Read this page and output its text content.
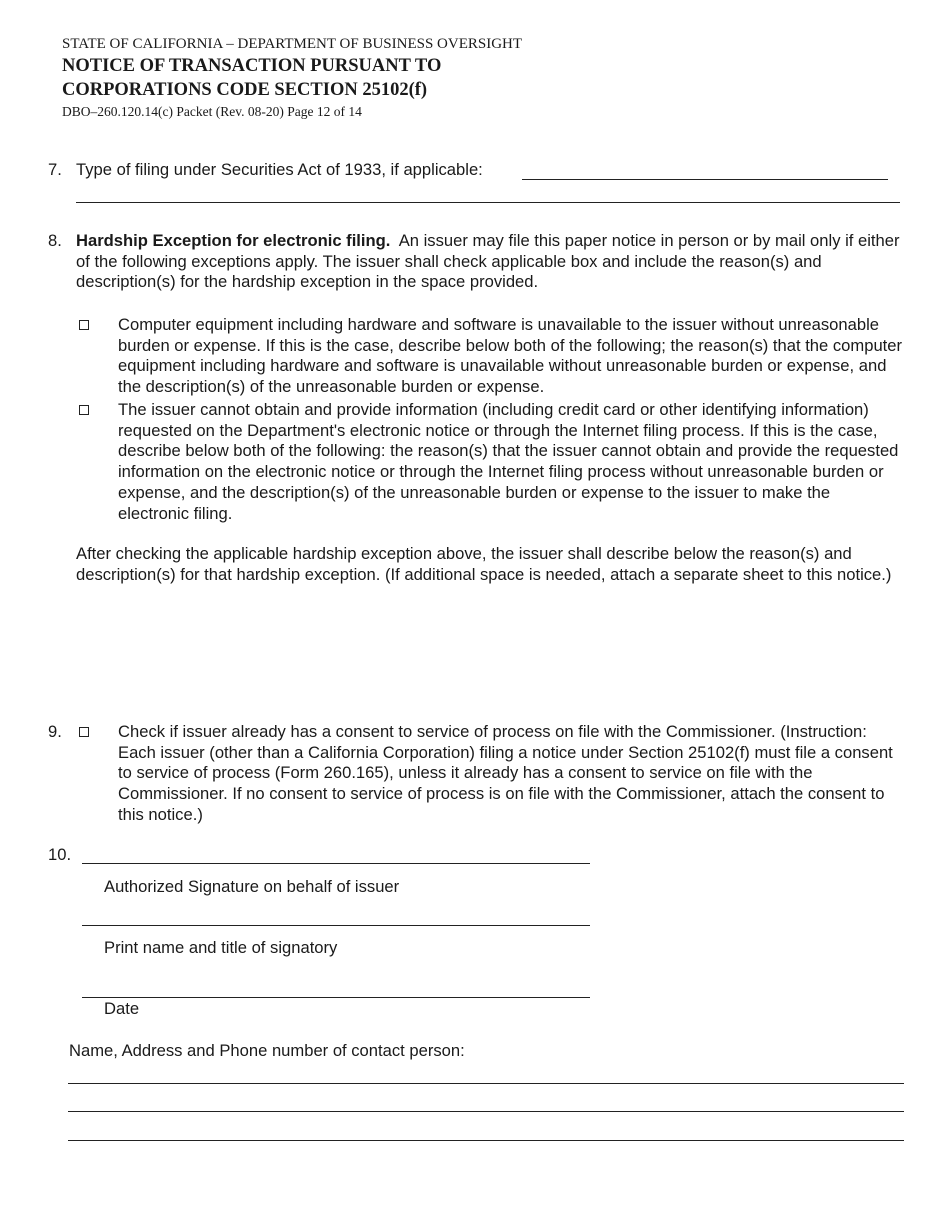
STATE OF CALIFORNIA – DEPARTMENT OF BUSINESS OVERSIGHT
NOTICE OF TRANSACTION PURSUANT TO
CORPORATIONS CODE SECTION 25102(f)
DBO–260.120.14(c) Packet (Rev. 08-20) Page 12 of 14
7. Type of filing under Securities Act of 1933, if applicable:
8. Hardship Exception for electronic filing. An issuer may file this paper notice in person or by mail only if either of the following exceptions apply. The issuer shall check applicable box and include the reason(s) and description(s) for the hardship exception in the space provided.

Computer equipment including hardware and software is unavailable to the issuer without unreasonable burden or expense. If this is the case, describe below both of the following; the reason(s) that the computer equipment including hardware and software is unavailable without unreasonable burden or expense, and the description(s) of the unreasonable burden or expense.

The issuer cannot obtain and provide information (including credit card or other identifying information) requested on the Department's electronic notice or through the Internet filing process. If this is the case, describe below both of the following: the reason(s) that the issuer cannot obtain and provide the requested information on the electronic notice or through the Internet filing process without unreasonable burden or expense, and the description(s) of the unreasonable burden or expense to the issuer to make the electronic filing.

After checking the applicable hardship exception above, the issuer shall describe below the reason(s) and description(s) for that hardship exception. (If additional space is needed, attach a separate sheet to this notice.)

9.	Check if issuer already has a consent to service of process on file with the Commissioner. (Instruction: Each issuer (other than a California Corporation) filing a notice under Section 25102(f) must file a consent to service of process (Form 260.165), unless it already has a consent to service on file with the Commissioner. If no consent to service of process is on file with the Commissioner, attach the consent to this notice.)

10.
Authorized Signature on behalf of issuer
Print name and title of signatory
Date
Name, Address and Phone number of contact person:
